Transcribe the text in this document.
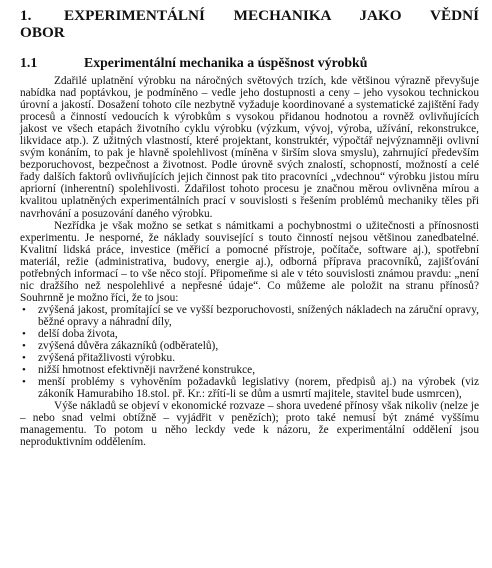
1. EXPERIMENTÁLNÍ MECHANIKA JAKO VĚDNÍ OBOR
1.1	Experimentální mechanika a úspěšnost výrobků

Zdařilé uplatnění výrobku na náročných světových trzích, kde většinou výrazně převyšuje nabídka nad poptávkou, je podmíněno – vedle jeho dostupnosti a ceny – jeho vysokou technickou úrovní a jakostí. Dosažení tohoto cíle nezbytně vyžaduje koordinované a systematické zajištění řady procesů a činností vedoucích k výrobkům s vysokou přidanou hodnotou a rovněž ovlivňujících jakost ve všech etapách životního cyklu výrobku (výzkum, vývoj, výroba, užívání, rekonstrukce, likvidace atp.). Z užitných vlastností, které projektant, konstruktér, výpočtář nejvýznamněji ovlivní svým konáním, to pak je hlavně spolehlivost (míněna v širším slova smyslu), zahrnující především bezporuchovost, bezpečnost a životnost. Podle úrovně svých znalostí, schopností, možností a celé řady dalších faktorů ovlivňujících jejich činnost pak tito pracovníci „vdechnou“ výrobku jistou míru apriorní (inherentní) spolehlivosti. Zdařilost tohoto procesu je značnou měrou ovlivněna mírou a kvalitou uplatněných experimentálních prací v souvislosti s řešením problémů mechaniky těles při navrhování a posuzování daného výrobku.

Nezřídka je však možno se setkat s námitkami a pochybnostmi o užitečnosti a přínosnosti experimentu. Je nesporné, že náklady související s touto činností nejsou většinou zanedbatelné. Kvalitní lidská práce, investice (měřicí a pomocné přístroje, počítače, software aj.), spotřební materiál, režie (administrativa, budovy, energie aj.), odborná příprava pracovníků, zajišťování potřebných informací – to vše něco stojí. Připomeňme si ale v této souvislosti známou pravdu: „není nic dražšího než nespolehlivé a nepřesné údaje“. Co můžeme ale položit na stranu přínosů? Souhrnně je možno říci, že to jsou:

• zvýšená jakost, promítající se ve vyšší bezporuchovosti, snížených nákladech na záruční opravy, běžné opravy a náhradní díly,
• delší doba života,
• zvýšená důvěra zákazníků (odběratelů),
• zvýšená přitažlivosti výrobku.
• nižší hmotnost efektivněji navržené konstrukce,
• menší problémy s vyhověním požadavků legislativy (norem, předpisů aj.) na výrobek (viz zákoník Hamurabiho 18.stol. př. Kr.: zřítí-li se dům a usmrtí majitele, stavitel bude usmrcen),

Výše nákladů se objeví v ekonomické rozvaze – shora uvedené přínosy však nikoliv (nelze je – nebo snad velmi obtížně – vyjádřit v penězích); proto také nemusí být známé vyššímu managementu. To potom u něho leckdy vede k názoru, že experimentální oddělení jsou neproduktivním oddělením.
